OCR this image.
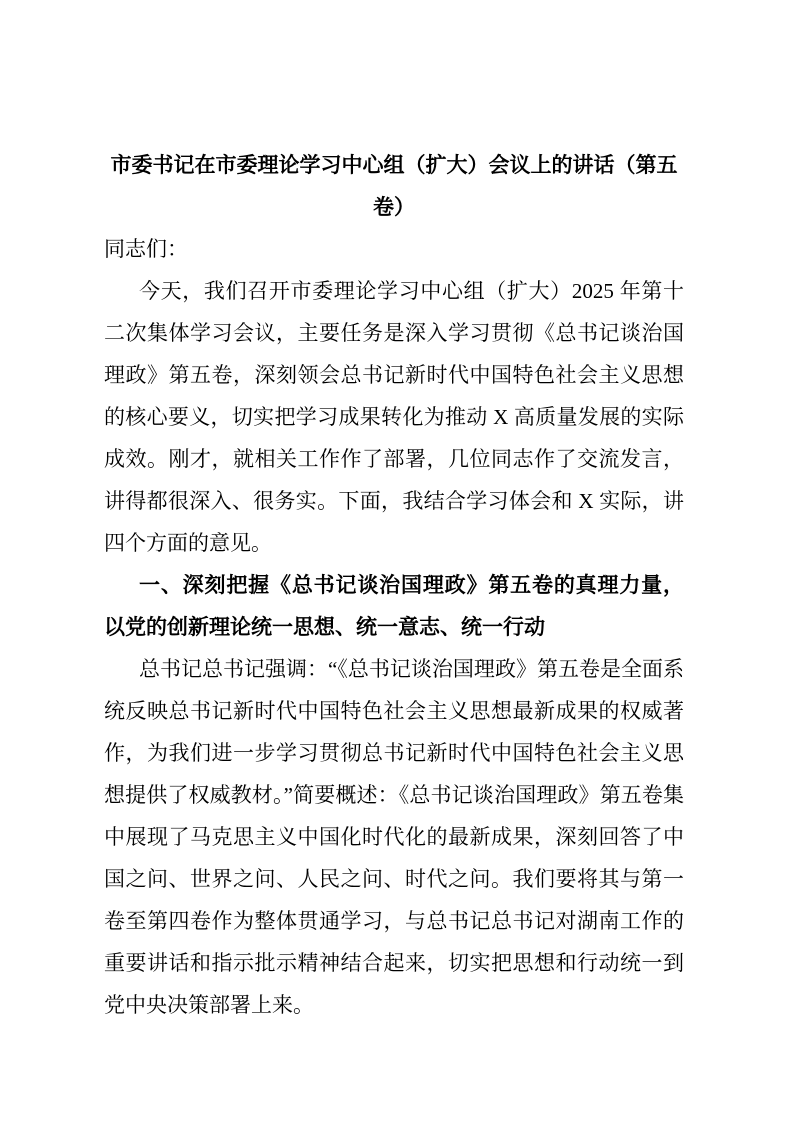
市委书记在市委理论学习中心组（扩大）会议上的讲话（第五卷）

同志们：

今天，我们召开市委理论学习中心组（扩大）2025 年第十二次集体学习会议，主要任务是深入学习贯彻《总书记谈治国理政》第五卷，深刻领会总书记新时代中国特色社会主义思想的核心要义，切实把学习成果转化为推动 X 高质量发展的实际成效。刚才，就相关工作作了部署，几位同志作了交流发言，讲得都很深入、很务实。下面，我结合学习体会和 X 实际，讲四个方面的意见。

一、深刻把握《总书记谈治国理政》第五卷的真理力量，以党的创新理论统一思想、统一意志、统一行动

总书记总书记强调：“《总书记谈治国理政》第五卷是全面系统反映总书记新时代中国特色社会主义思想最新成果的权威著作，为我们进一步学习贯彻总书记新时代中国特色社会主义思想提供了权威教材。”简要概述：《总书记谈治国理政》第五卷集中展现了马克思主义中国化时代化的最新成果，深刻回答了中国之问、世界之问、人民之问、时代之问。我们要将其与第一卷至第四卷作为整体贯通学习，与总书记总书记对湖南工作的重要讲话和指示批示精神结合起来，切实把思想和行动统一到党中央决策部署上来。
